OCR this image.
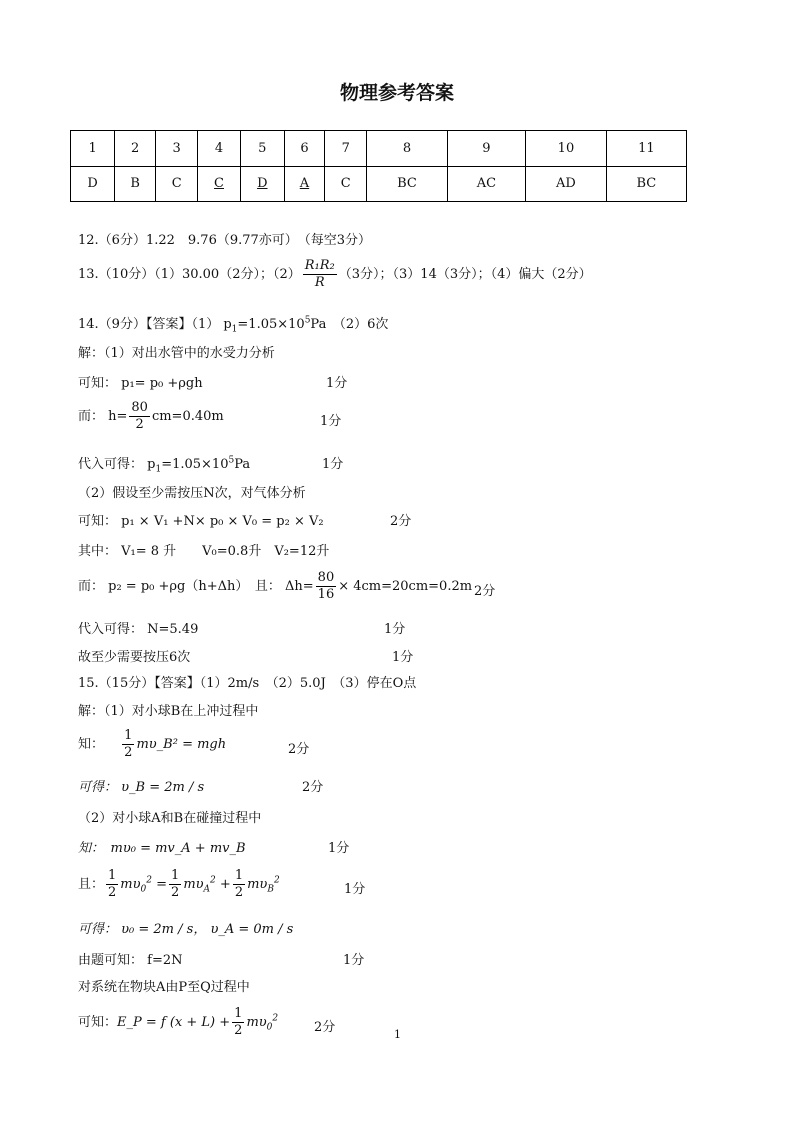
物理参考答案
1	2	3	4	5	6	7	8	9	10	11
D	B	C	C	D	A	C	BC	AC	AD	BC
12.（6分）1.22　9.76（9.77亦可）　（每空3分）
13.（10分）（1）30.00（2分）；$(2) \frac{\text{R₁R₂}}{R} (3$分）；（3）14（3分）；（4）偏大（2分）
14.（9分）【答案】（1） $p_1=1.05\times 10^5Pa$　（2）6次
解：（1）对出水管中的水受力分析
可知： p₁= p₀ +ρgh	1分
而： $h= \frac{80}{2} cm=0.40m$	1分
代入可得： $p_1=1.05\times 10^5Pa$	1分
（2）假设至少需按压N次，对气体分析
可知： p₁ × V₁ +N× p₀ × V₀ = p₂ × V₂	2分
其中： V₁= 8 升　　V₀=0.8升　V₂=12升
而： p₂ = p₀ +ρg（h+Δh）　且： $\Delta h= \frac{80}{16} \times 4cm=20cm=0.2m$ 2分
代入可得： N=5.49	1分
故至少需要按压6次	1分
15.（15分）【答案】（1）2m/s　（2）5.0J　（3）停在O点
解：（1）对小球B在上冲过程中
知： $\frac{1}{2}$ mυ_B² = mgh	2分
可得： υ_B = 2m / s	2分
（2）对小球A和B在碰撞过程中
知：　mυ₀ = mv_A + mv_B	1分
且： $\frac{1}{2} m\upsilon_0^2 = \frac{1}{2} m\upsilon_A^2 + \frac{1}{2} m\upsilon_B^2$
1分
可得： υ₀ = 2m / s， υ_A = 0m / s
由题可知： f=2N	1分
对系统在物块A由P至Q过程中
可知：E_P = f $(x + L) + \frac{1}{2} m\upsilon_0^2$
2分	1
